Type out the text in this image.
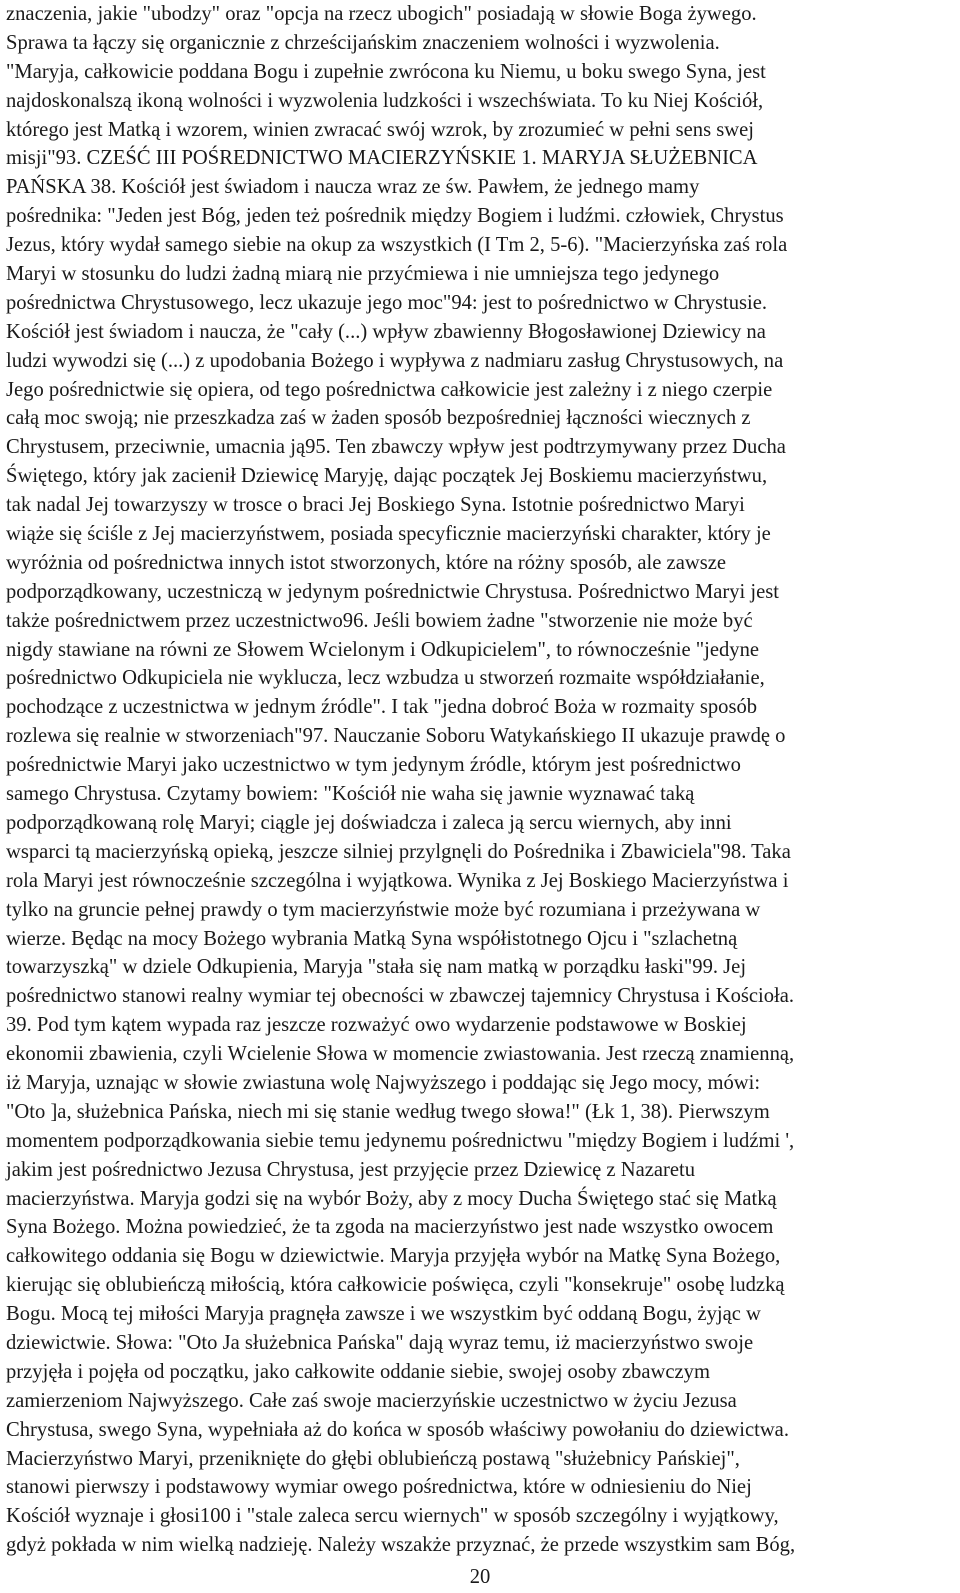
znaczenia, jakie "ubodzy" oraz "opcja na rzecz ubogich" posiadają w słowie Boga żywego.
Sprawa ta łączy się organicznie z chrześcijańskim znaczeniem wolności i wyzwolenia.
"Maryja, całkowicie poddana Bogu i zupełnie zwrócona ku Niemu, u boku swego Syna, jest
najdoskonalszą ikoną wolności i wyzwolenia ludzkości i wszechświata. To ku Niej Kościół,
którego jest Matką i wzorem, winien zwracać swój wzrok, by zrozumieć w pełni sens swej
misji"93. CZEŚĆ III POŚREDNICTWO MACIERZYŃSKIE 1. MARYJA SŁUŻEBNICA
PAŃSKA 38. Kościół jest świadom i naucza wraz ze św. Pawłem, że jednego mamy
pośrednika: "Jeden jest Bóg, jeden też pośrednik między Bogiem i ludźmi. człowiek, Chrystus
Jezus, który wydał samego siebie na okup za wszystkich (I Tm 2, 5-6). "Macierzyńska zaś rola
Maryi w stosunku do ludzi żadną miarą nie przyćmiewa i nie umniejsza tego jedynego
pośrednictwa Chrystusowego, lecz ukazuje jego moc"94: jest to pośrednictwo w Chrystusie.
Kościół jest świadom i naucza, że "cały (...) wpływ zbawienny Błogosławionej Dziewicy na
ludzi wywodzi się (...) z upodobania Bożego i wypływa z nadmiaru zasług Chrystusowych, na
Jego pośrednictwie się opiera, od tego pośrednictwa całkowicie jest zależny i z niego czerpie
całą moc swoją; nie przeszkadza zaś w żaden sposób bezpośredniej łączności wiecznych z
Chrystusem, przeciwnie, umacnia ją95. Ten zbawczy wpływ jest podtrzymywany przez Ducha
Świętego, który jak zacienił Dziewicę Maryję, dając początek Jej Boskiemu macierzyństwu,
tak nadal Jej towarzyszy w trosce o braci Jej Boskiego Syna. Istotnie pośrednictwo Maryi
wiąże się ściśle z Jej macierzyństwem, posiada specyficznie macierzyński charakter, który je
wyróżnia od pośrednictwa innych istot stworzonych, które na różny sposób, ale zawsze
podporządkowany, uczestniczą w jedynym pośrednictwie Chrystusa. Pośrednictwo Maryi jest
także pośrednictwem przez uczestnictwo96. Jeśli bowiem żadne "stworzenie nie może być
nigdy stawiane na równi ze Słowem Wcielonym i Odkupicielem", to równocześnie "jedyne
pośrednictwo Odkupiciela nie wyklucza, lecz wzbudza u stworzeń rozmaite współdziałanie,
pochodzące z uczestnictwa w jednym źródle". I tak "jedna dobroć Boża w rozmaity sposób
rozlewa się realnie w stworzeniach"97. Nauczanie Soboru Watykańskiego II ukazuje prawdę o
pośrednictwie Maryi jako uczestnictwo w tym jedynym źródle, którym jest pośrednictwo
samego Chrystusa. Czytamy bowiem: "Kościół nie waha się jawnie wyznawać taką
podporządkowaną rolę Maryi; ciągle jej doświadcza i zaleca ją sercu wiernych, aby inni
wsparci tą macierzyńską opieką, jeszcze silniej przylgnęli do Pośrednika i Zbawiciela"98. Taka
rola Maryi jest równocześnie szczególna i wyjątkowa. Wynika z Jej Boskiego Macierzyństwa i
tylko na gruncie pełnej prawdy o tym macierzyństwie może być rozumiana i przeżywana w
wierze. Będąc na mocy Bożego wybrania Matką Syna współistotnego Ojcu i "szlachetną
towarzyszką" w dziele Odkupienia, Maryja "stała się nam matką w porządku łaski"99. Jej
pośrednictwo stanowi realny wymiar tej obecności w zbawczej tajemnicy Chrystusa i Kościoła.
39. Pod tym kątem wypada raz jeszcze rozważyć owo wydarzenie podstawowe w Boskiej
ekonomii zbawienia, czyli Wcielenie Słowa w momencie zwiastowania. Jest rzeczą znamienną,
iż Maryja, uznając w słowie zwiastuna wolę Najwyższego i poddając się Jego mocy, mówi:
"Oto ]a, służebnica Pańska, niech mi się stanie według twego słowa!" (Łk 1, 38). Pierwszym
momentem podporządkowania siebie temu jedynemu pośrednictwu "między Bogiem i ludźmi ',
jakim jest pośrednictwo Jezusa Chrystusa, jest przyjęcie przez Dziewicę z Nazaretu
macierzyństwa. Maryja godzi się na wybór Boży, aby z mocy Ducha Świętego stać się Matką
Syna Bożego. Można powiedzieć, że ta zgoda na macierzyństwo jest nade wszystko owocem
całkowitego oddania się Bogu w dziewictwie. Maryja przyjęła wybór na Matkę Syna Bożego,
kierując się oblubieńczą miłością, która całkowicie poświęca, czyli "konsekruje" osobę ludzką
Bogu. Mocą tej miłości Maryja pragnęła zawsze i we wszystkim być oddaną Bogu, żyjąc w
dziewictwie. Słowa: "Oto Ja służebnica Pańska" dają wyraz temu, iż macierzyństwo swoje
przyjęła i pojęła od początku, jako całkowite oddanie siebie, swojej osoby zbawczym
zamierzeniom Najwyższego. Całe zaś swoje macierzyńskie uczestnictwo w życiu Jezusa
Chrystusa, swego Syna, wypełniała aż do końca w sposób właściwy powołaniu do dziewictwa.
Macierzyństwo Maryi, przeniknięte do głębi oblubieńczą postawą "służebnicy Pańskiej",
stanowi pierwszy i podstawowy wymiar owego pośrednictwa, które w odniesieniu do Niej
Kościół wyznaje i głosi100 i "stale zaleca sercu wiernych" w sposób szczególny i wyjątkowy,
gdyż pokłada w nim wielką nadzieję. Należy wszakże przyznać, że przede wszystkim sam Bóg,
20
